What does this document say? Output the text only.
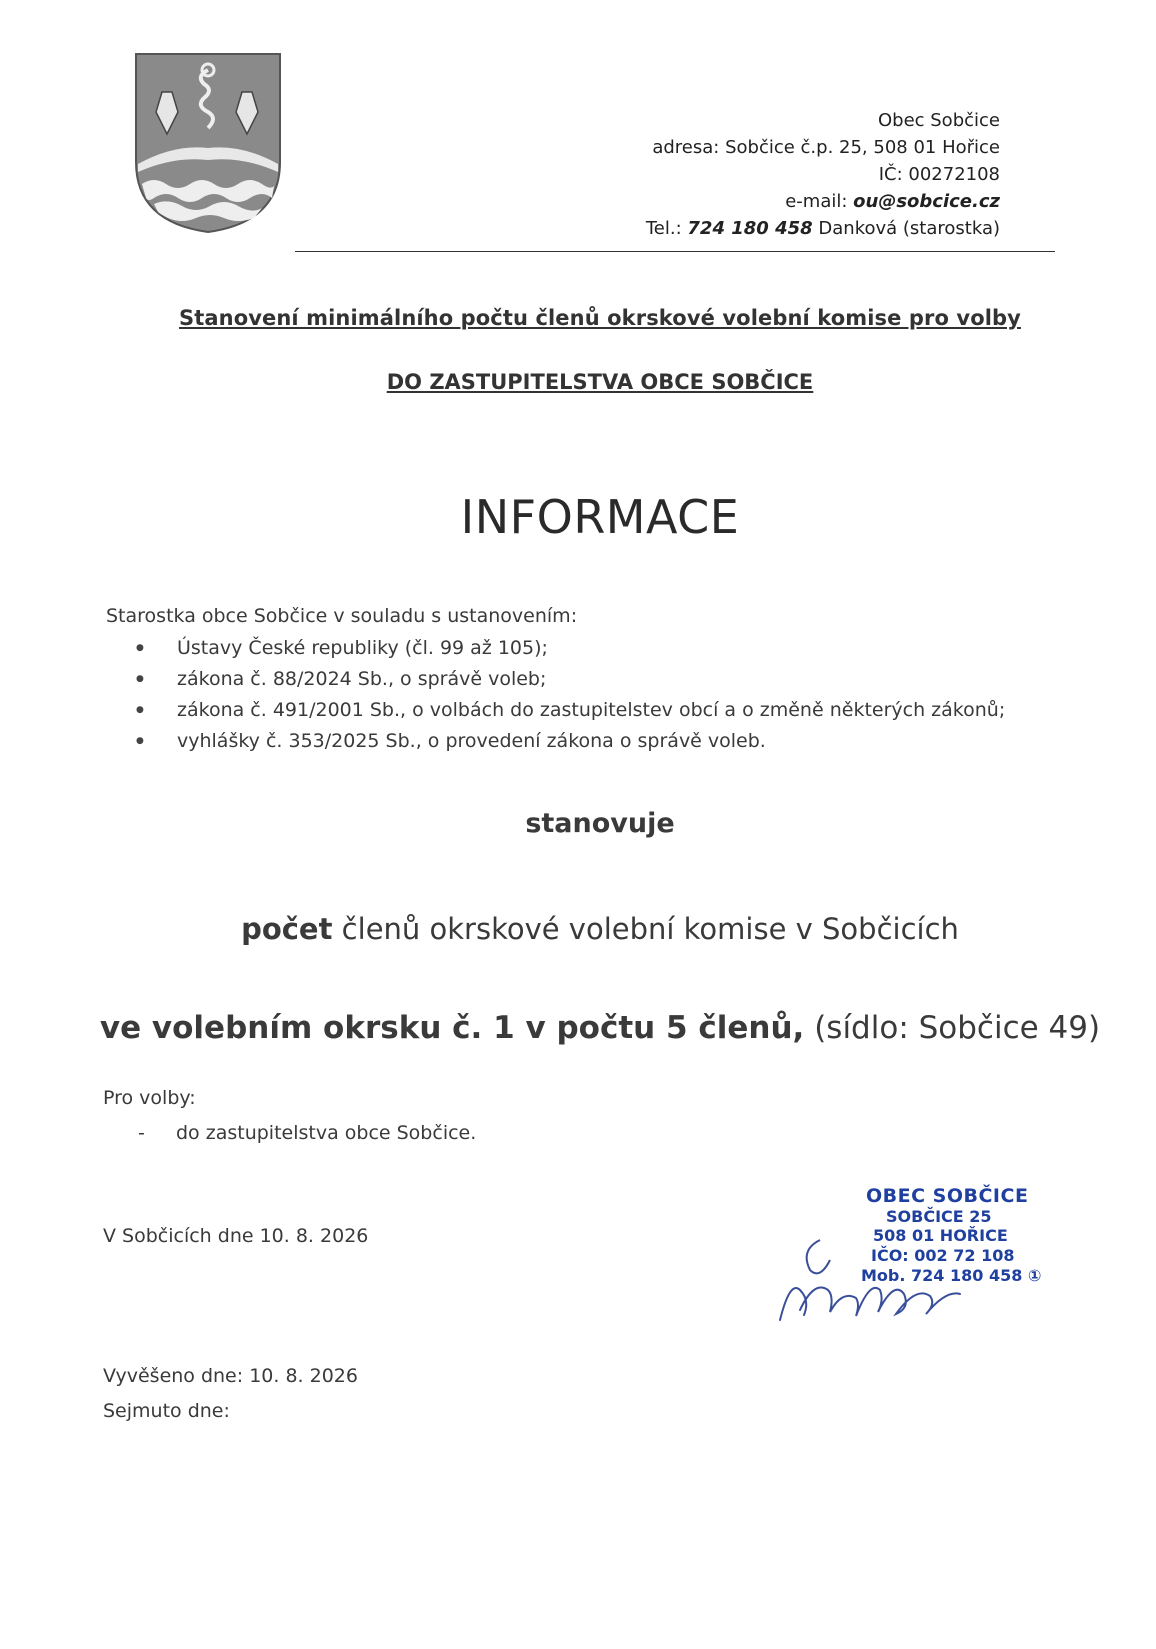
Obec Sobčice
adresa: Sobčice č.p. 25, 508 01 Hořice
IČ: 00272108
e-mail: ou@sobcice.cz
Tel.: 724 180 458 Danková (starostka)
Stanovení minimálního počtu členů okrskové volební komise pro volby
DO ZASTUPITELSTVA OBCE SOBČICE
INFORMACE
Starostka obce Sobčice v souladu s ustanovením:
● Ústavy České republiky (čl. 99 až 105);
● zákona č. 88/2024 Sb., o správě voleb;
● zákona č. 491/2001 Sb., o volbách do zastupitelstev obcí a o změně některých zákonů;
● vyhlášky č. 353/2025 Sb., o provedení zákona o správě voleb.
stanovuje
počet členů okrskové volební komise v Sobčicích
ve volebním okrsku č. 1 v počtu 5 členů, (sídlo: Sobčice 49)
Pro volby:
- do zastupitelstva obce Sobčice.
V Sobčicích dne 10. 8. 2026
OBEC SOBČICE
SOBČICE 25
508 01 HOŘICE
IČO: 002 72 108
Mob. 724 180 458 ①
Vyvěšeno dne: 10. 8. 2026
Sejmuto dne:
